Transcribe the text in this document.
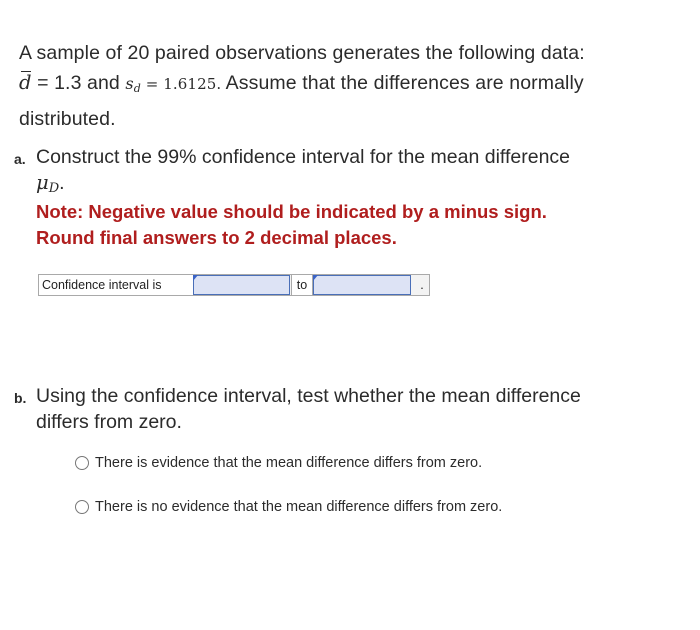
A sample of 20 paired observations generates the following data:
d = 1.3 and $s_d = 1.6125$. Assume that the differences are normally
distributed.
a. Construct the 99% confidence interval for the mean difference
$\mu_D$.
Note: Negative value should be indicated by a minus sign.
Round final answers to 2 decimal places.
Confidence interval is	to	.
b. Using the confidence interval, test whether the mean difference
differs from zero.
There is evidence that the mean difference differs from zero.
There is no evidence that the mean difference differs from zero.
